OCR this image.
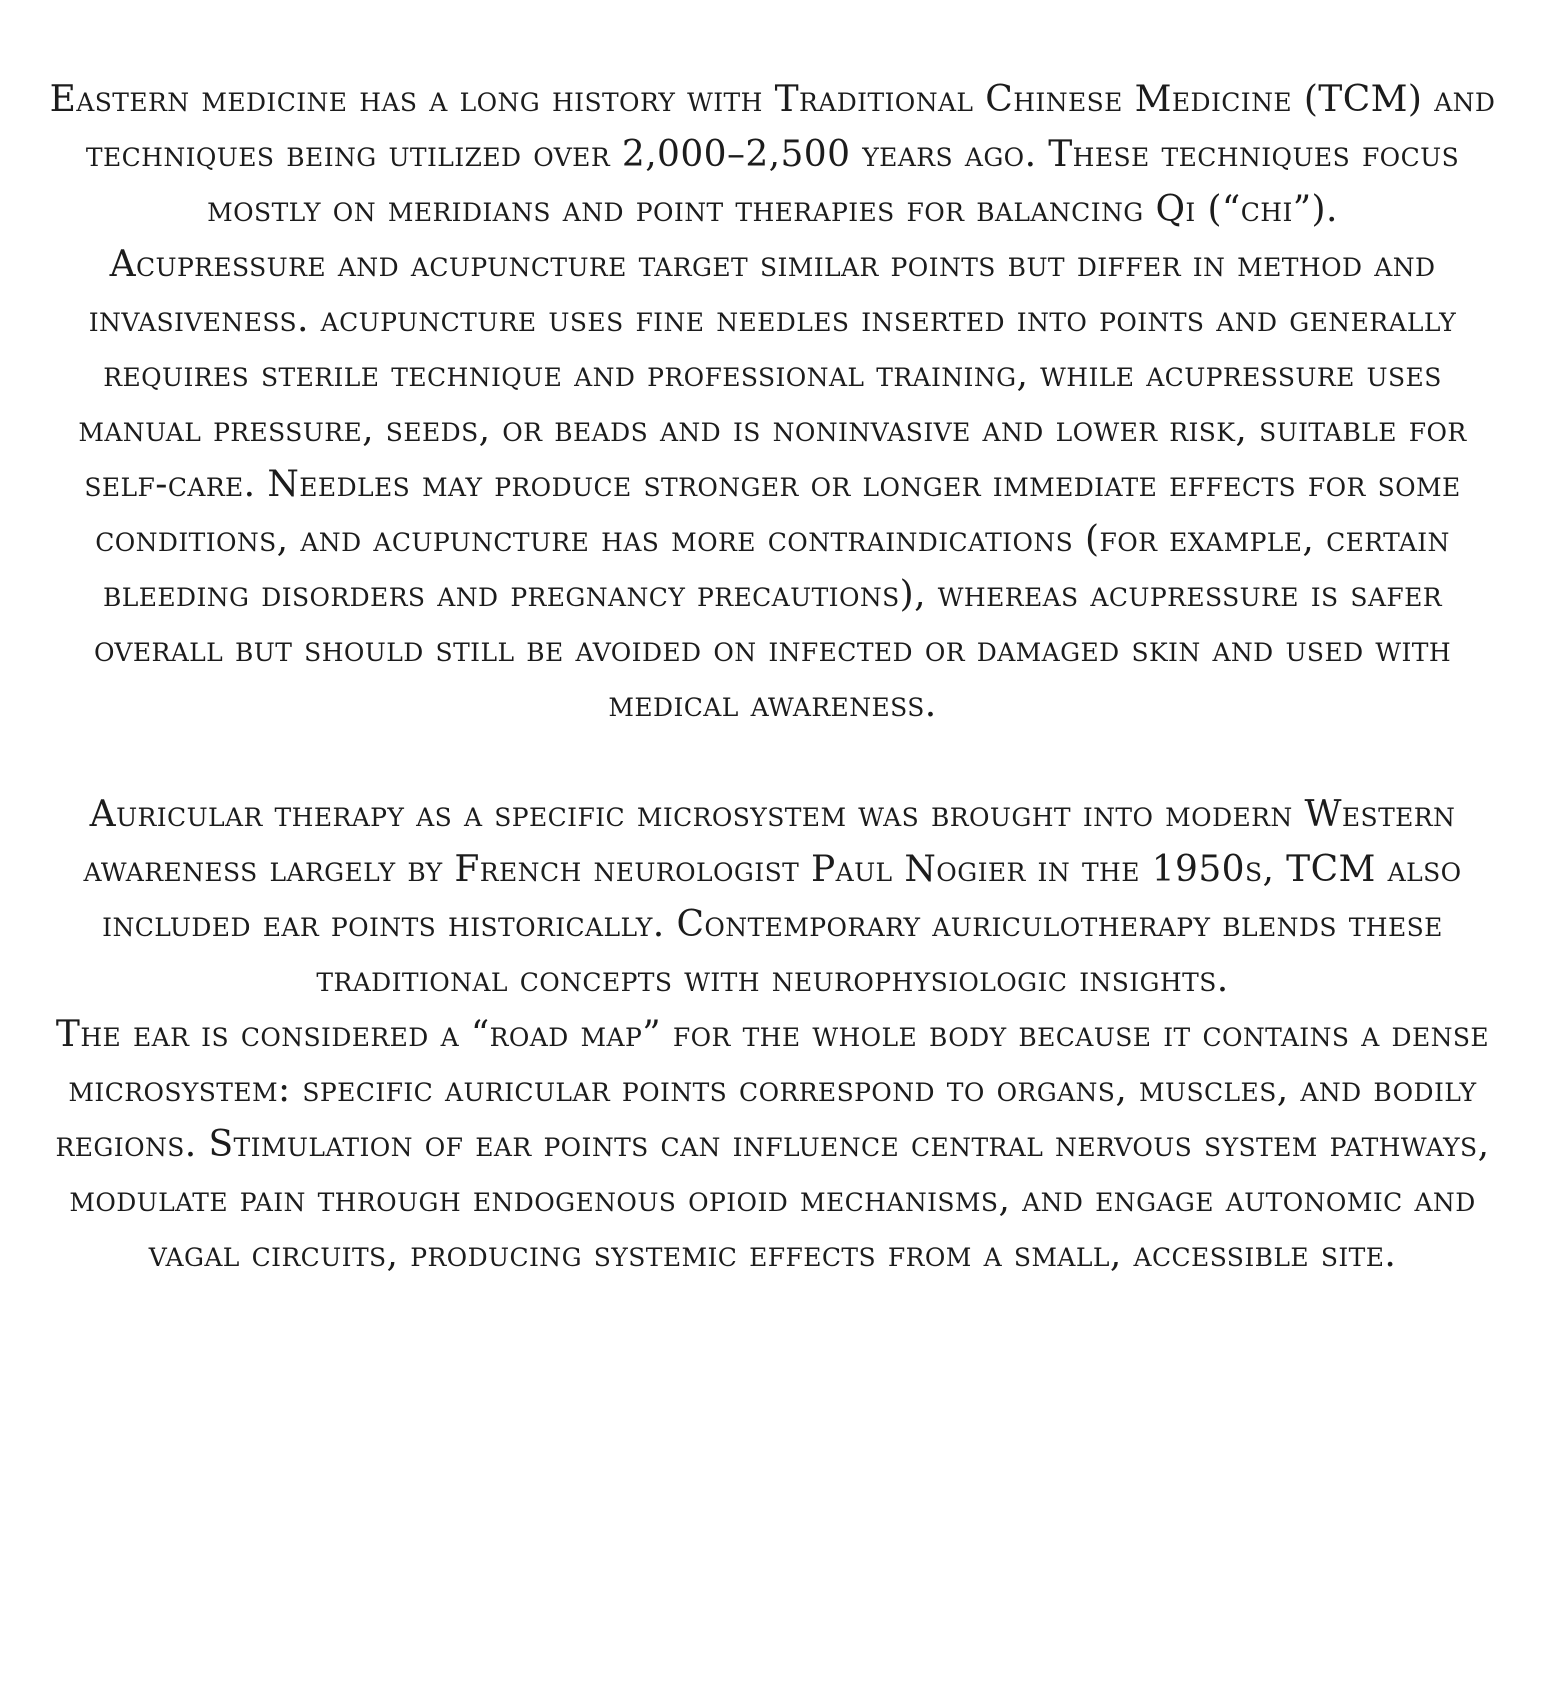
Eastern medicine has a long history with Traditional Chinese Medicine (TCM) and techniques being utilized over 2,000–2,500 years ago. These techniques focus mostly on meridians and point therapies for balancing Qi (“chi”).

Acupressure and acupuncture target similar points but differ in method and invasiveness. acupuncture uses fine needles inserted into points and generally requires sterile technique and professional training, while acupressure uses manual pressure, seeds, or beads and is noninvasive and lower risk, suitable for self-care. Needles may produce stronger or longer immediate effects for some conditions, and acupuncture has more contraindications (for example, certain bleeding disorders and pregnancy precautions), whereas acupressure is safer overall but should still be avoided on infected or damaged skin and used with medical awareness.

Auricular therapy as a specific microsystem was brought into modern Western awareness largely by French neurologist Paul Nogier in the 1950s, TCM also included ear points historically. Contemporary auriculotherapy blends these traditional concepts with neurophysiologic insights.

The ear is considered a “road map” for the whole body because it contains a dense microsystem: specific auricular points correspond to organs, muscles, and bodily regions. Stimulation of ear points can influence central nervous system pathways, modulate pain through endogenous opioid mechanisms, and engage autonomic and vagal circuits, producing systemic effects from a small, accessible site.
